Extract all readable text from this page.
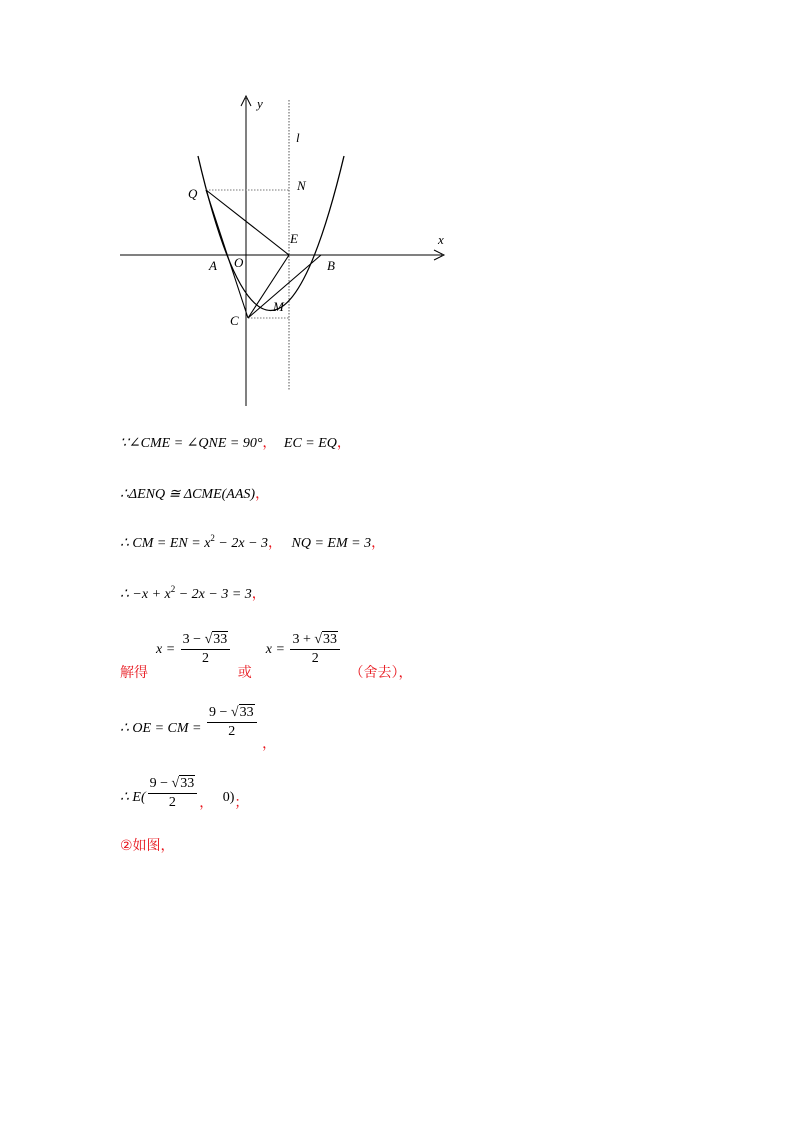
y
x
l
N
Q
E
A O	B
M
C
∵∠CME = ∠QNE = 90°， EC = EQ，
∴ΔENQ ≅ ΔCME(AAS)，
∴ CM = EN = $x^2 - 2x - 3$， NQ = EM = 3，
∴ $-x + x^2 - 2x - 3 = 3$，
解得 $x = \frac{3 - √33}{2}$
或 $x = \frac{3 + √33}{2}$
（舍去），
∴ OE = CM = $\frac{9 - √33}{2}$
，
∴ $E( \frac{9 - √33}{2}$ ， 0)；
②如图，
